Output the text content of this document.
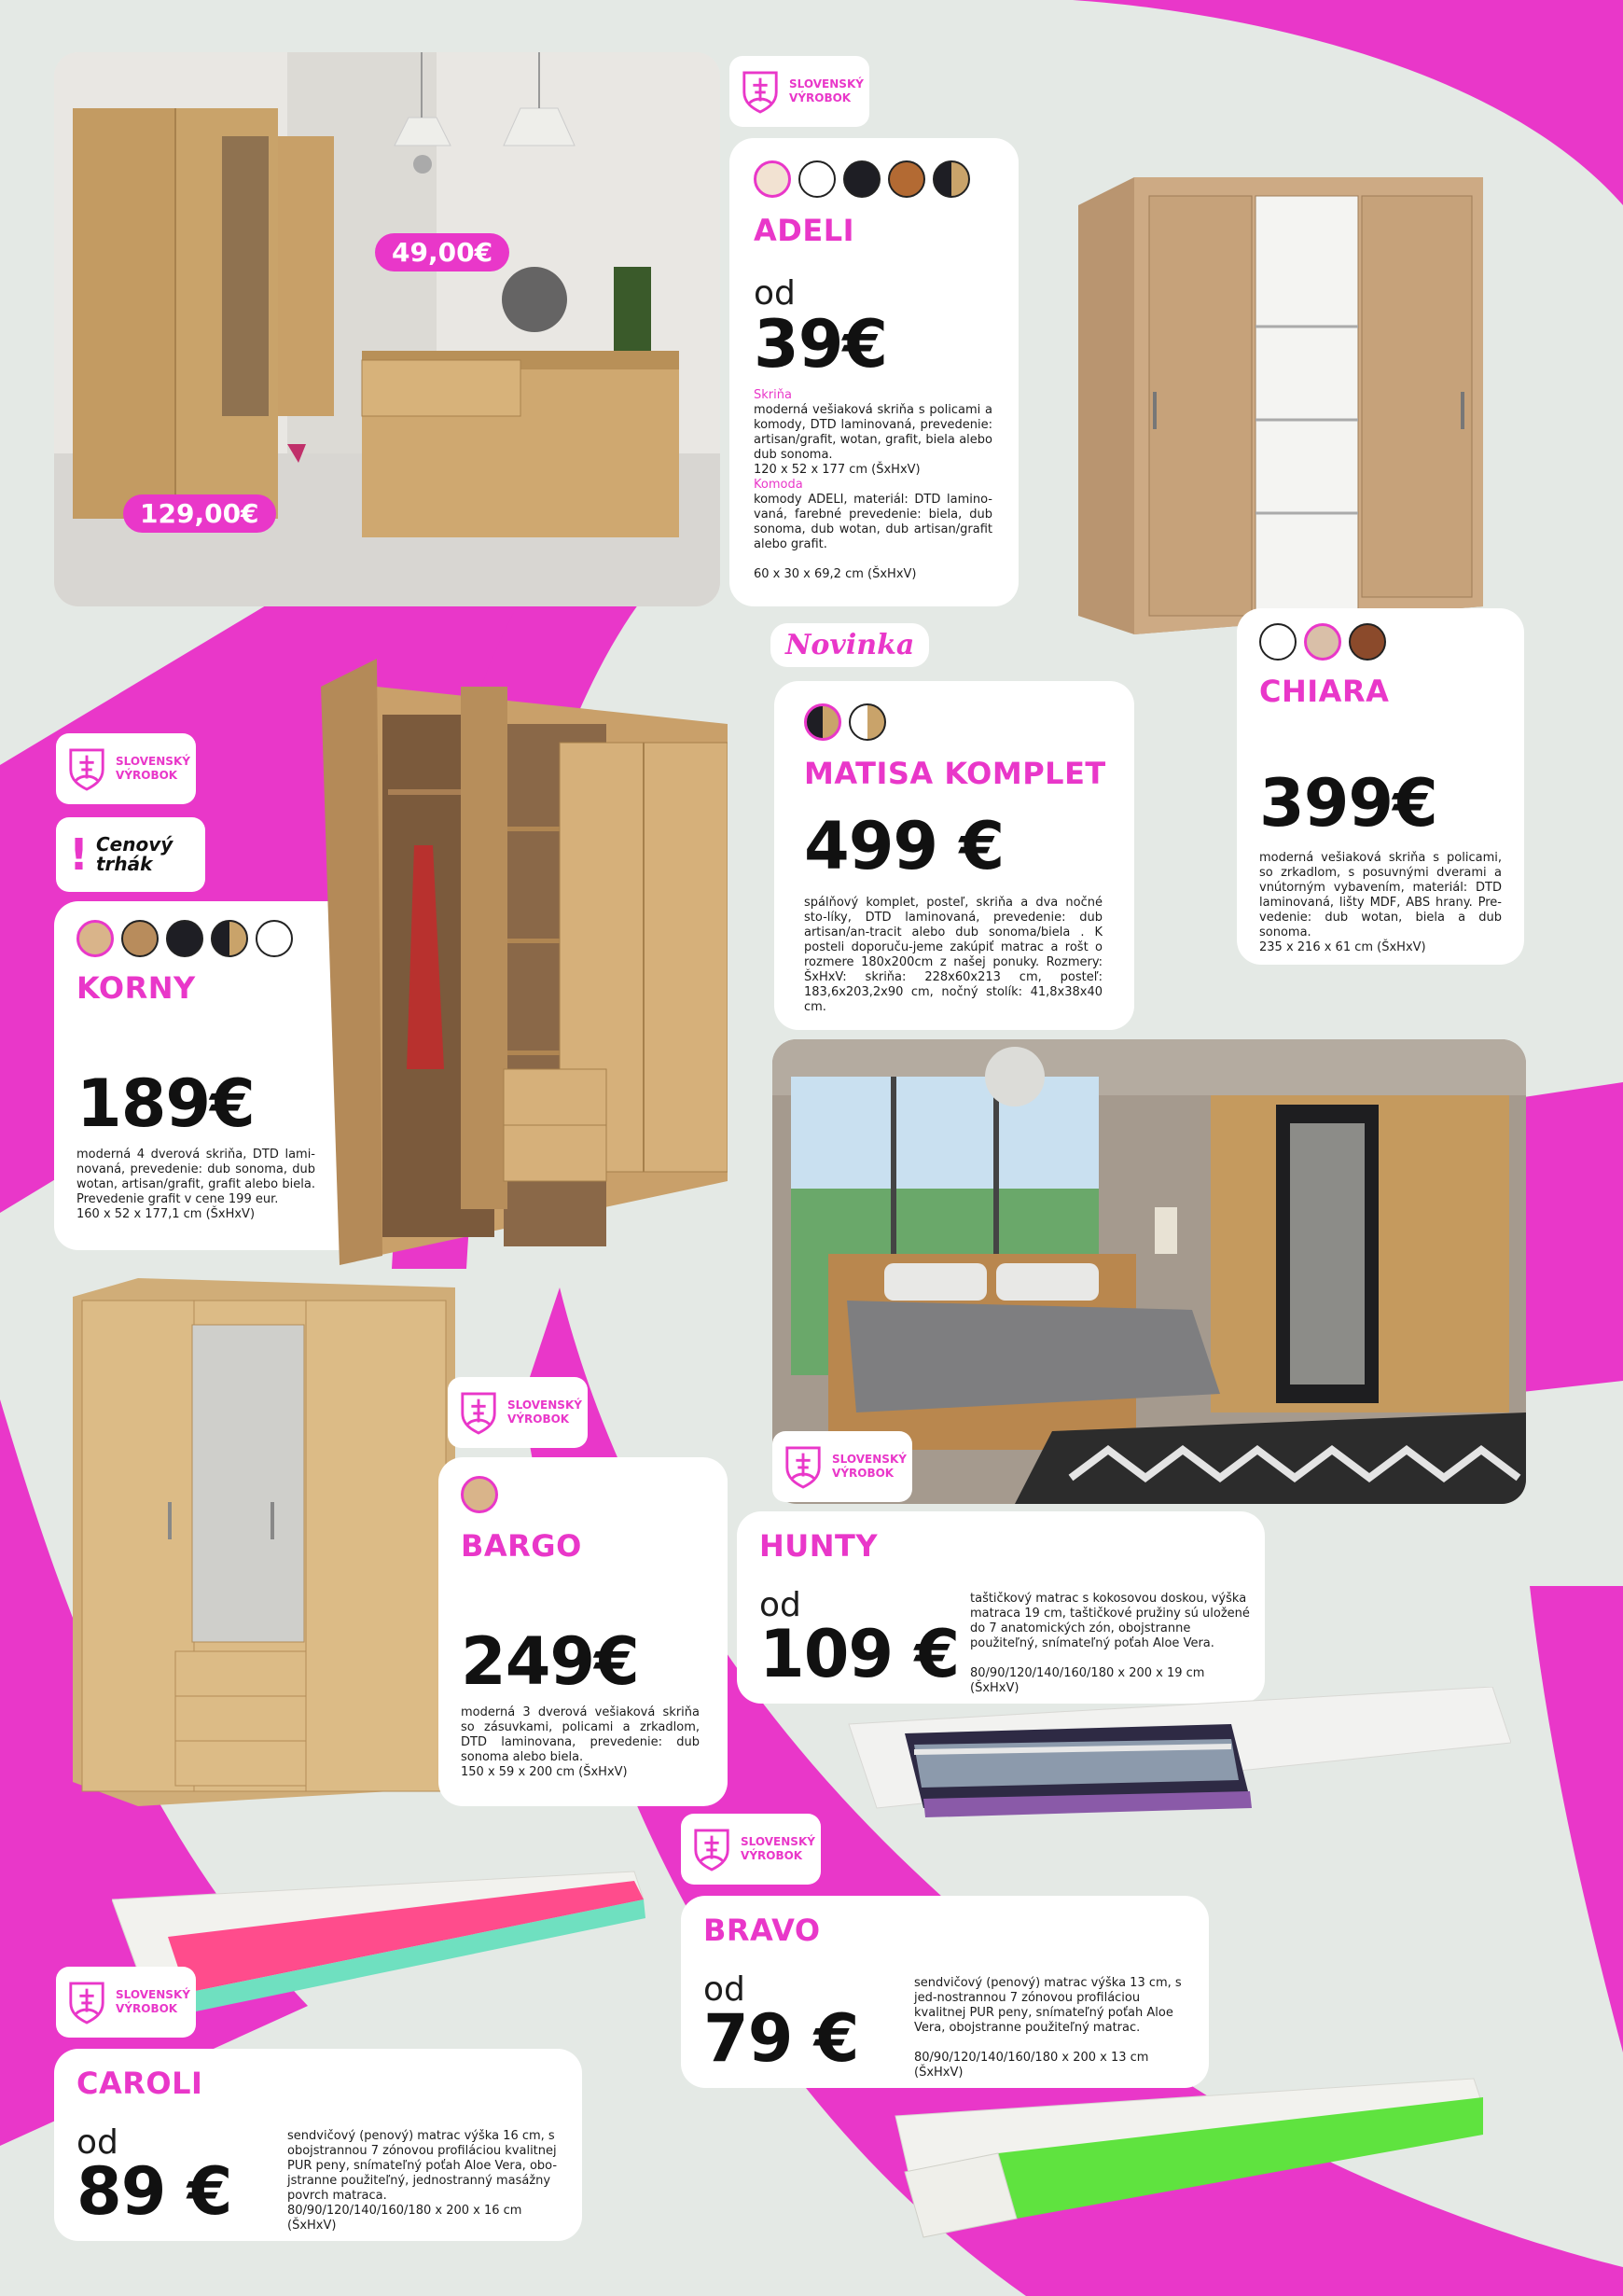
49,00€
129,00€
SLOVENSKÝ
VÝROBOK
ADELI
od
39€
Skriňa
moderná vešiaková skriňa s policami a komody, DTD laminovaná, prevedenie: artisan/grafit, wotan, grafit, biela alebo dub sonoma.
120 x 52 x 177 cm (ŠxHxV)
Komoda
komody ADELI, materiál: DTD lamino-vaná, farebné prevedenie: biela, dub sonoma, dub wotan, dub artisan/grafit alebo grafit.

60 x 30 x 69,2 cm (ŠxHxV)
CHIARA
399€
moderná vešiaková skriňa s policami, so zrkadlom, s posuvnými dverami a vnútorným vybavením, materiál: DTD laminovaná, lišty MDF, ABS hrany. Pre-vedenie: dub wotan, biela a dub sonoma.
235 x 216 x 61 cm (ŠxHxV)
Novinka
MATISA KOMPLET
499 €
spálňový komplet, posteľ, skriňa a dva nočné sto-líky, DTD laminovaná, prevedenie: dub artisan/an-tracit alebo dub sonoma/biela . K posteli doporuču-jeme zakúpiť matrac a rošt o rozmere 180x200cm z našej ponuky. Rozmery: ŠxHxV: skriňa: 228x60x213 cm, posteľ: 183,6x203,2x90 cm, nočný stolík: 41,8x38x40 cm.
SLOVENSKÝ
VÝROBOK
! Cenový
trhák
KORNY
189€
moderná 4 dverová skriňa, DTD lami-novaná, prevedenie: dub sonoma, dub wotan, artisan/grafit, grafit alebo biela. Prevedenie grafit v cene 199 eur.
160 x 52 x 177,1 cm (ŠxHxV)
SLOVENSKÝ
VÝROBOK
SLOVENSKÝ
VÝROBOK
BARGO
249€
moderná 3 dverová vešiaková skriňa so zásuvkami, policami a zrkadlom, DTD laminovana, prevedenie: dub sonoma alebo biela.
150 x 59 x 200 cm (ŠxHxV)
HUNTY
od
109 €
taštičkový matrac s kokosovou doskou, výška matraca 19 cm, taštičkové pružiny sú uložené do 7 anatomických zón, obojstranne použiteľný, snímateľný poťah Aloe Vera.

80/90/120/140/160/180 x 200 x 19 cm (ŠxHxV)
SLOVENSKÝ
VÝROBOK
BRAVO
od
79 €
sendvičový (penový) matrac výška 13 cm, s jed-nostrannou 7 zónovou profiláciou kvalitnej PUR peny, snímateľný poťah Aloe Vera, obojstranne použiteľný matrac.

80/90/120/140/160/180 x 200 x 13 cm (ŠxHxV)
SLOVENSKÝ
VÝROBOK
CAROLI
od
89 €
sendvičový (penový) matrac výška 16 cm, s obojstrannou 7 zónovou profiláciou kvalitnej PUR peny, snímateľný poťah Aloe Vera, obo-jstranne použiteľný, jednostranný masážny povrch matraca.
80/90/120/140/160/180 x 200 x 16 cm (ŠxHxV)
